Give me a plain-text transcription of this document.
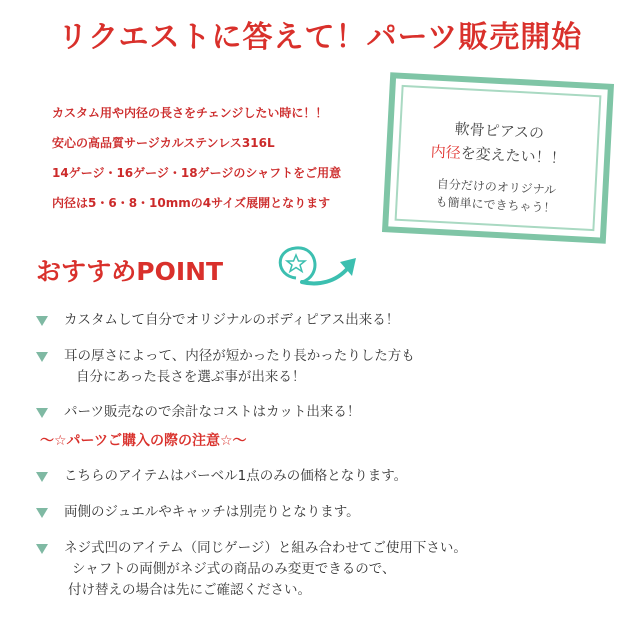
リクエストに答えて！パーツ販売開始
カスタム用や内径の長さをチェンジしたい時に！！
安心の高品質サージカルステンレス316L
14ゲージ・16ゲージ・18ゲージのシャフトをご用意
内径は5・6・8・10mmの4サイズ展開となります
軟骨ピアスの
内径を変えたい！！
自分だけのオリジナル
も簡単にできちゃう！
おすすめPOINT
カスタムして自分でオリジナルのボディピアス出来る！
耳の厚さによって、内径が短かったり長かったりした方も
自分にあった長さを選ぶ事が出来る！
パーツ販売なので余計なコストはカット出来る！
こちらのアイテムはバーベル1点のみの価格となります。
両側のジュエルやキャッチは別売りとなります。
ネジ式凹のアイテム（同じゲージ）と組み合わせてご使用下さい。
シャフトの両側がネジ式の商品のみ変更できるので、
付け替えの場合は先にご確認ください。
～☆パーツご購入の際の注意☆～
